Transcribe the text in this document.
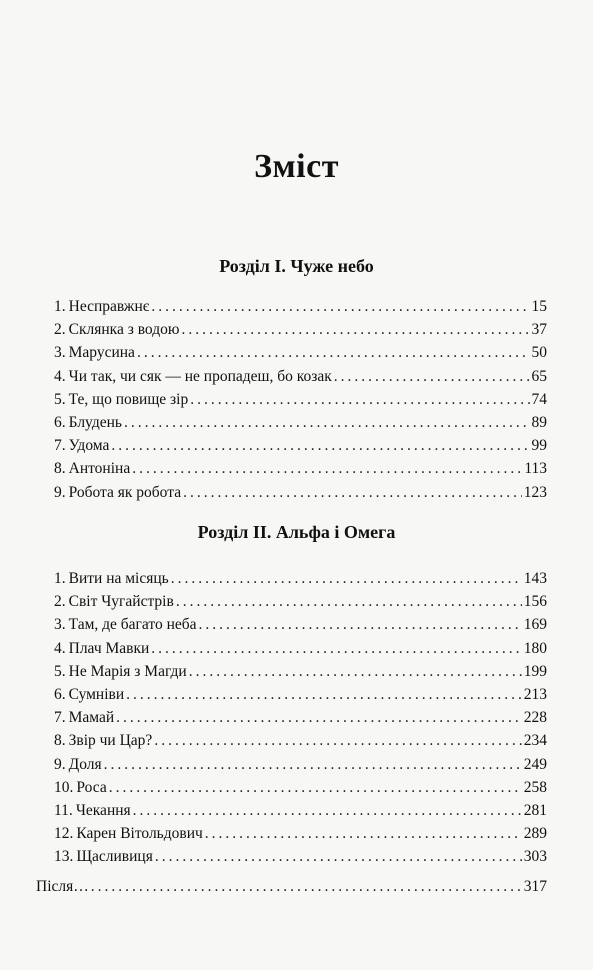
Зміст
Розділ І. Чуже небо
1. Несправжнє .....	15
2. Склянка з водою .....	37
3. Марусина .....	50
4. Чи так, чи сяк — не пропадеш, бо козак .....	65
5. Те, що повище зір .....	74
6. Блудень .....	89
7. Удома .....	99
8. Антоніна .....	113
9. Робота як робота .....	123
Розділ ІІ. Альфа і Омега
1. Вити на місяць .....	143
2. Світ Чугайстрів .....	156
3. Там, де багато неба .....	169
4. Плач Мавки .....	180
5. Не Марія з Магди .....	199
6. Сумніви .....	213
7. Мамай .....	228
8. Звір чи Цар? .....	234
9. Доля .....	249
10. Роса .....	258
11. Чекання .....	281
12. Карен Вітольдович .....	289
13. Щасливиця .....	303
Після… .....	317
